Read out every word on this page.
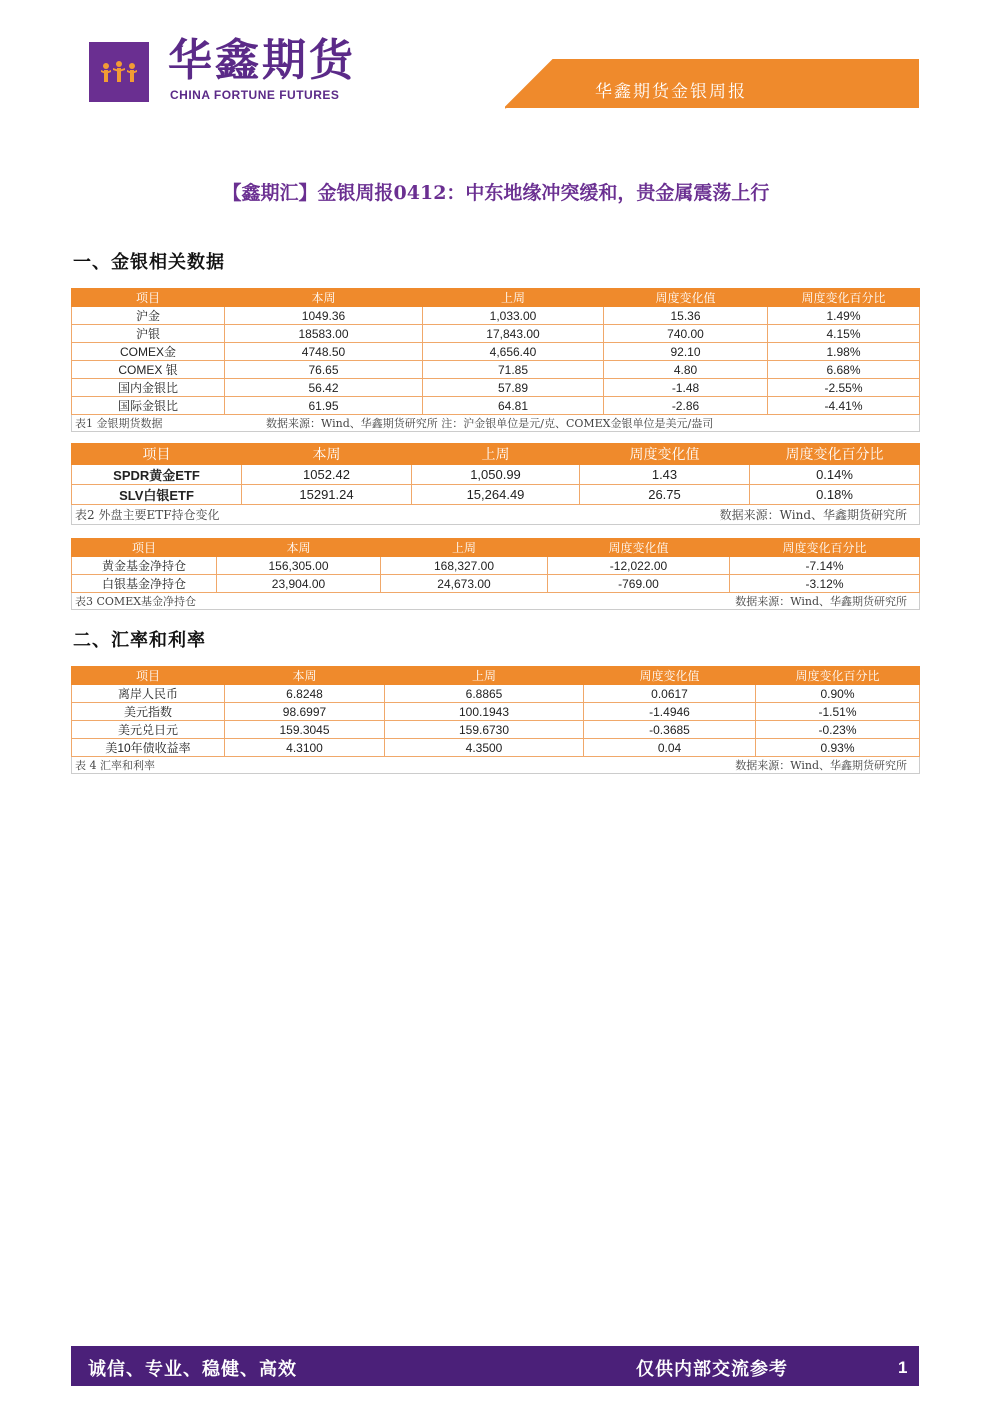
华鑫期货
CHINA FORTUNE FUTURES	华鑫期货金银周报
【鑫期汇】金银周报0412：中东地缘冲突缓和，贵金属震荡上行
一、金银相关数据
项目	本周	上周	周度变化值	周度变化百分比
沪金	1049.36	1,033.00	15.36	1.49%
沪银	18583.00	17,843.00	740.00	4.15%
COMEX金	4748.50	4,656.40	92.10	1.98%
COMEX 银	76.65	71.85	4.80	6.68%
国内金银比	56.42	57.89	-1.48	-2.55%
国际金银比	61.95	64.81	-2.86	-4.41%
表1 金银期货数据 数据来源：Wind、华鑫期货研究所 注：沪金银单位是元/克、COMEX金银单位是美元/盎司				
项目	本周	上周	周度变化值	周度变化百分比
SPDR黄金ETF	1052.42	1,050.99	1.43	0.14%
SLV白银ETF	15291.24	15,264.49	26.75	0.18%
表2 外盘主要ETF持仓变化 数据来源：Wind、华鑫期货研究所				
项目	本周	上周	周度变化值	周度变化百分比
黄金基金净持仓	156,305.00	168,327.00	-12,022.00	-7.14%
白银基金净持仓	23,904.00	24,673.00	-769.00	-3.12%
表3 COMEX基金净持仓 数据来源：Wind、华鑫期货研究所				
二、汇率和利率
项目	本周	上周	周度变化值	周度变化百分比
离岸人民币	6.8248	6.8865	0.0617	0.90%
美元指数	98.6997	100.1943	-1.4946	-1.51%
美元兑日元	159.3045	159.6730	-0.3685	-0.23%
美10年债收益率	4.3100	4.3500	0.04	0.93%
表 4 汇率和利率 数据来源：Wind、华鑫期货研究所				
诚信、专业、稳健、高效	仅供内部交流参考	1
